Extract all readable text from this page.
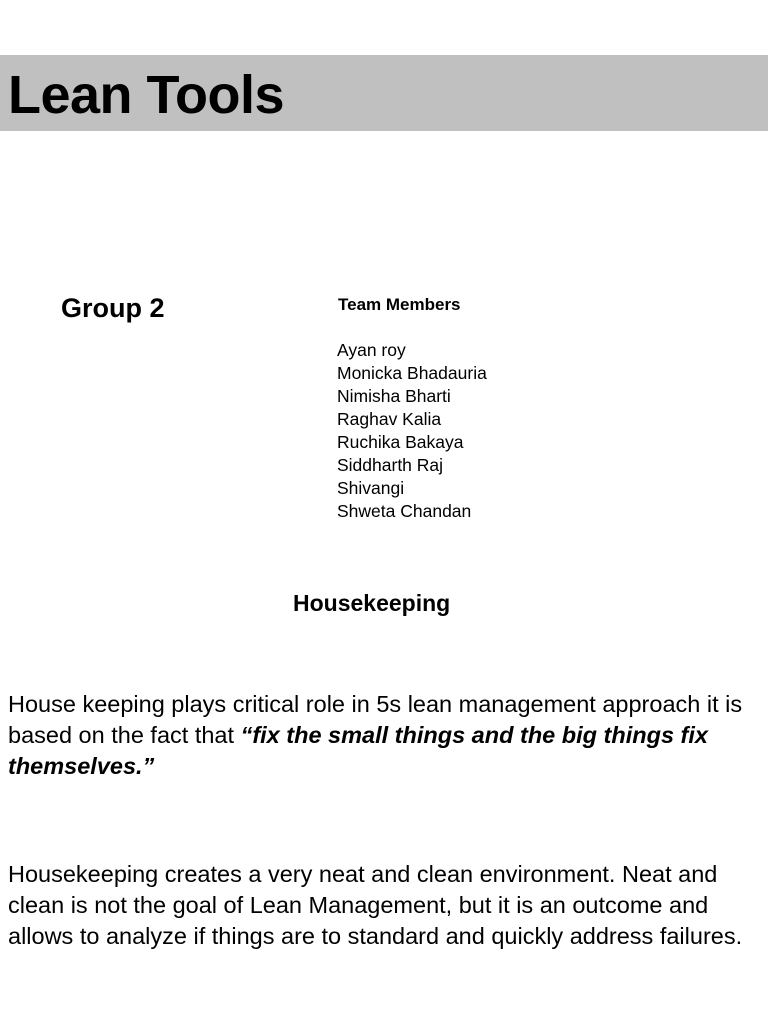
Lean Tools
Group 2	Team Members
Ayan roy
Monicka Bhadauria
Nimisha Bharti
Raghav Kalia
Ruchika Bakaya
Siddharth Raj
Shivangi
Shweta Chandan
Housekeeping

House keeping plays critical role in 5s lean management approach it is based on the fact that “fix the small things and the big things fix themselves.”

Housekeeping creates a very neat and clean environment. Neat and clean is not the goal of Lean Management, but it is an outcome and allows to analyze if things are to standard and quickly address failures.
